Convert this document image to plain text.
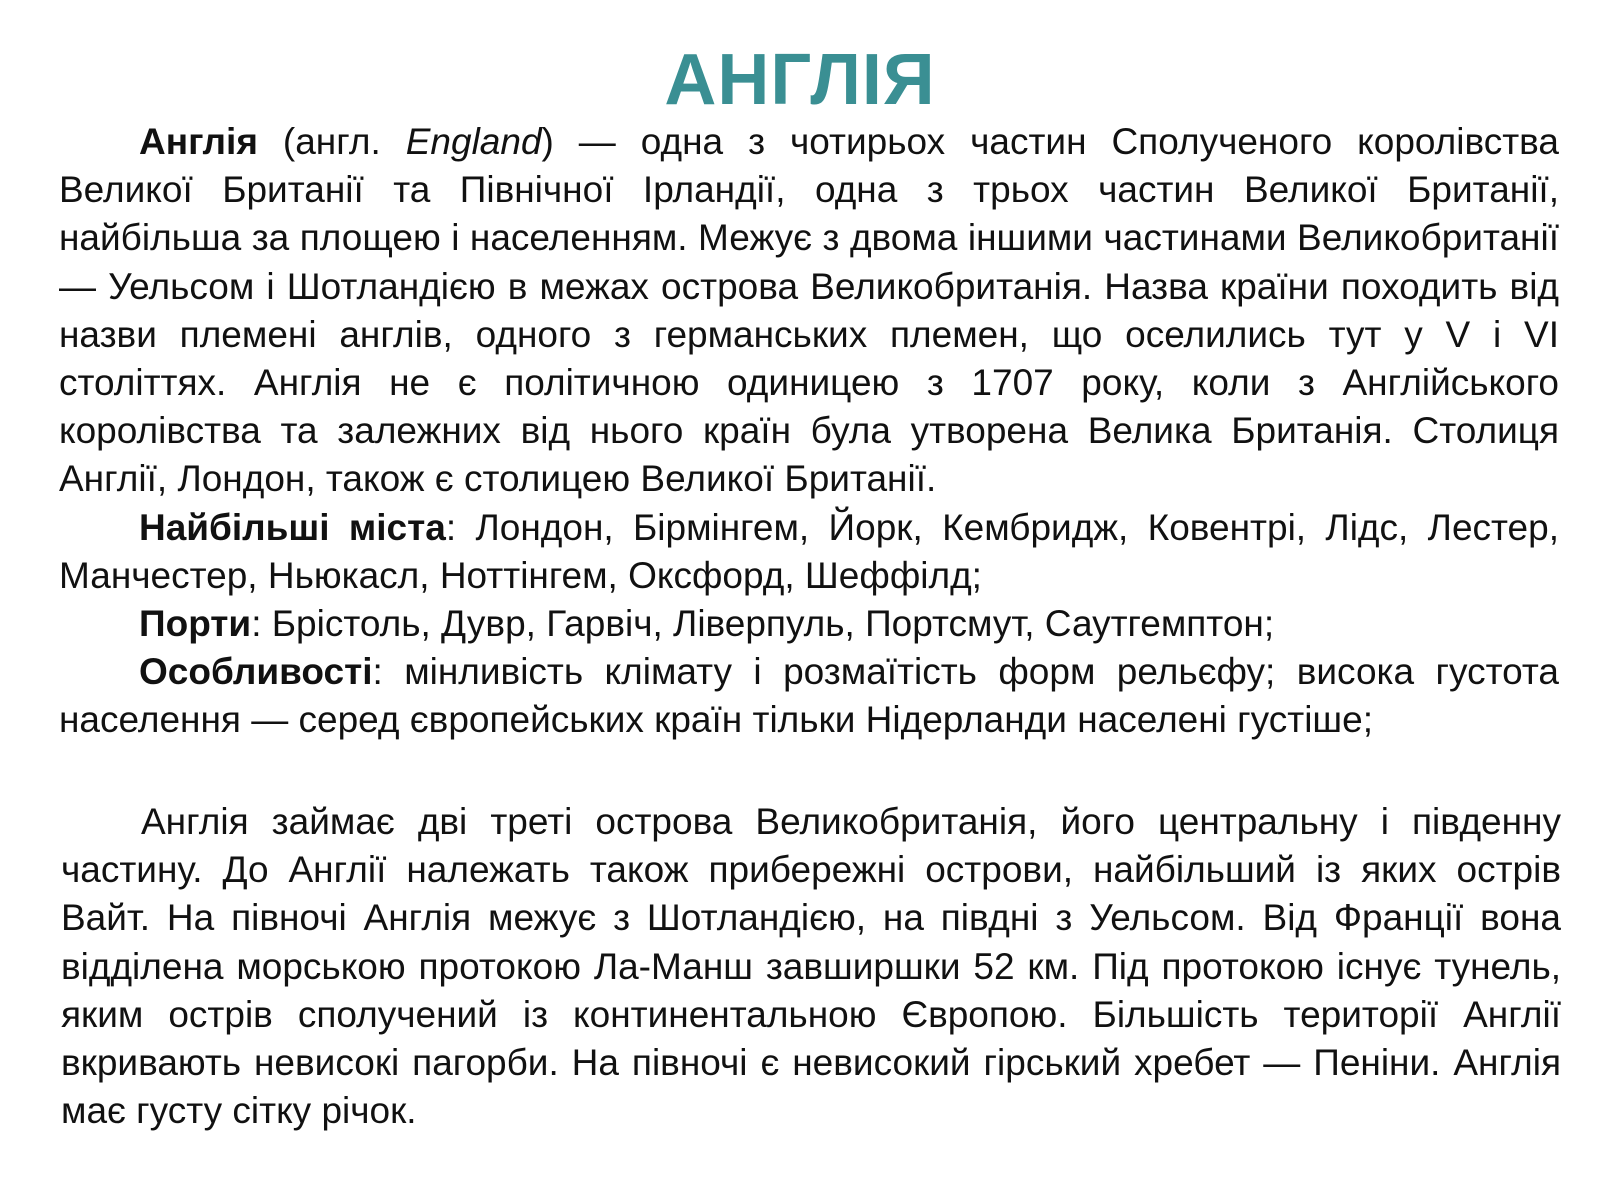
АНГЛІЯ

Англія (англ. England) — одна з чотирьох частин Сполученого королівства Великої Британії та Північної Ірландії, одна з трьох частин Великої Британії, найбільша за площею і населенням. Межує з двома іншими частинами Великобританії — Уельсом і Шотландією в межах острова Великобританія. Назва країни походить від назви племені англів, одного з германських племен, що оселились тут у V і VI століттях. Англія не є політичною одиницею з 1707 року, коли з Англійського королівства та залежних від нього країн була утворена Велика Британія. Столиця Англії, Лондон, також є столицею Великої Британії.

Найбільші міста: Лондон, Бірмінгем, Йорк, Кембридж, Ковентрі, Лідс, Лестер, Манчестер, Ньюкасл, Ноттінгем, Оксфорд, Шеффілд;

Порти: Брістоль, Дувр, Гарвіч, Ліверпуль, Портсмут, Саутгемптон;

Особливості: мінливість клімату і розмаїтість форм рельєфу; висока густота населення — серед європейських країн тільки Нідерланди населені густіше;

Англія займає дві треті острова Великобританія, його центральну і південну частину. До Англії належать також прибережні острови, найбільший із яких острів Вайт. На півночі Англія межує з Шотландією, на півдні з Уельсом. Від Франції вона відділена морською протокою Ла-Манш завширшки 52 км. Під протокою існує тунель, яким острів сполучений із континентальною Європою. Більшість території Англії вкривають невисокі пагорби. На півночі є невисокий гірський хребет — Пеніни. Англія має густу сітку річок.
